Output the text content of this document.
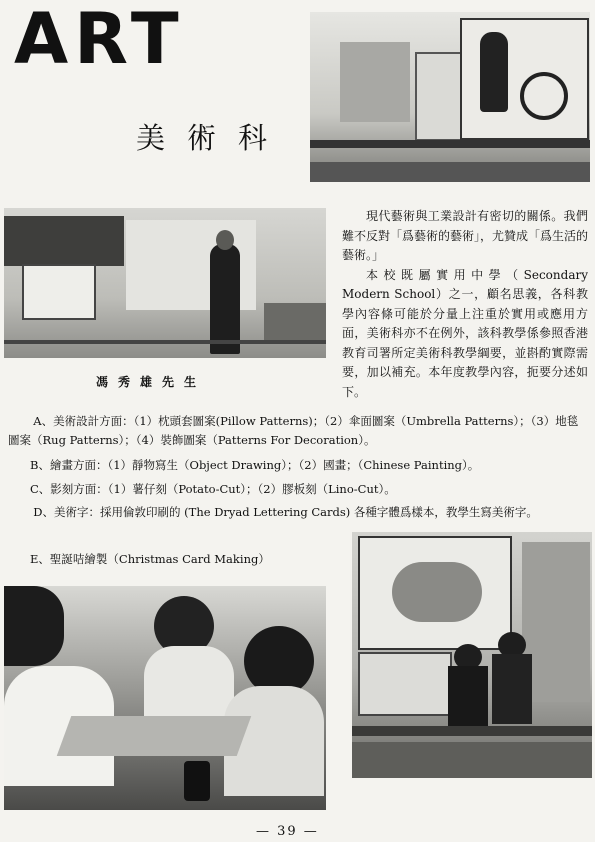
ART
美術科
馮秀雄先生

現代藝術與工業設計有密切的關係。我們難不反對「爲藝術的藝術」，尤贊成「爲生活的藝術。」

本校既屬實用中學（Secondary Modern School）之一，顧名思義，各科教學內容條可能於分量上注重於實用或應用方面，美術科亦不在例外，該科教學係參照香港教育司署所定美術科教學綱要，並斟酌實際需要，加以補充。本年度教學內容，扼要分述如下。

A、美術設計方面：（1）枕頭套圖案(Pillow Patterns)；（2）傘面圖案（Umbrella Patterns）；（3）地毯圖案（Rug Patterns）；（4）裝飾圖案（Patterns For Decoration）。
B、繪畫方面：（1）靜物寫生（Object Drawing）；（2）國畫；（Chinese Painting）。
C、影刻方面：（1）薯仔刻（Potato-Cut）；（2）膠板刻（Lino-Cut）。
D、美術字：採用倫敦印刷的 (The Dryad Lettering Cards) 各種字體爲樣本，教學生寫美術字。
E、聖誕咭繪製（Christmas Card Making）
— 39 —
